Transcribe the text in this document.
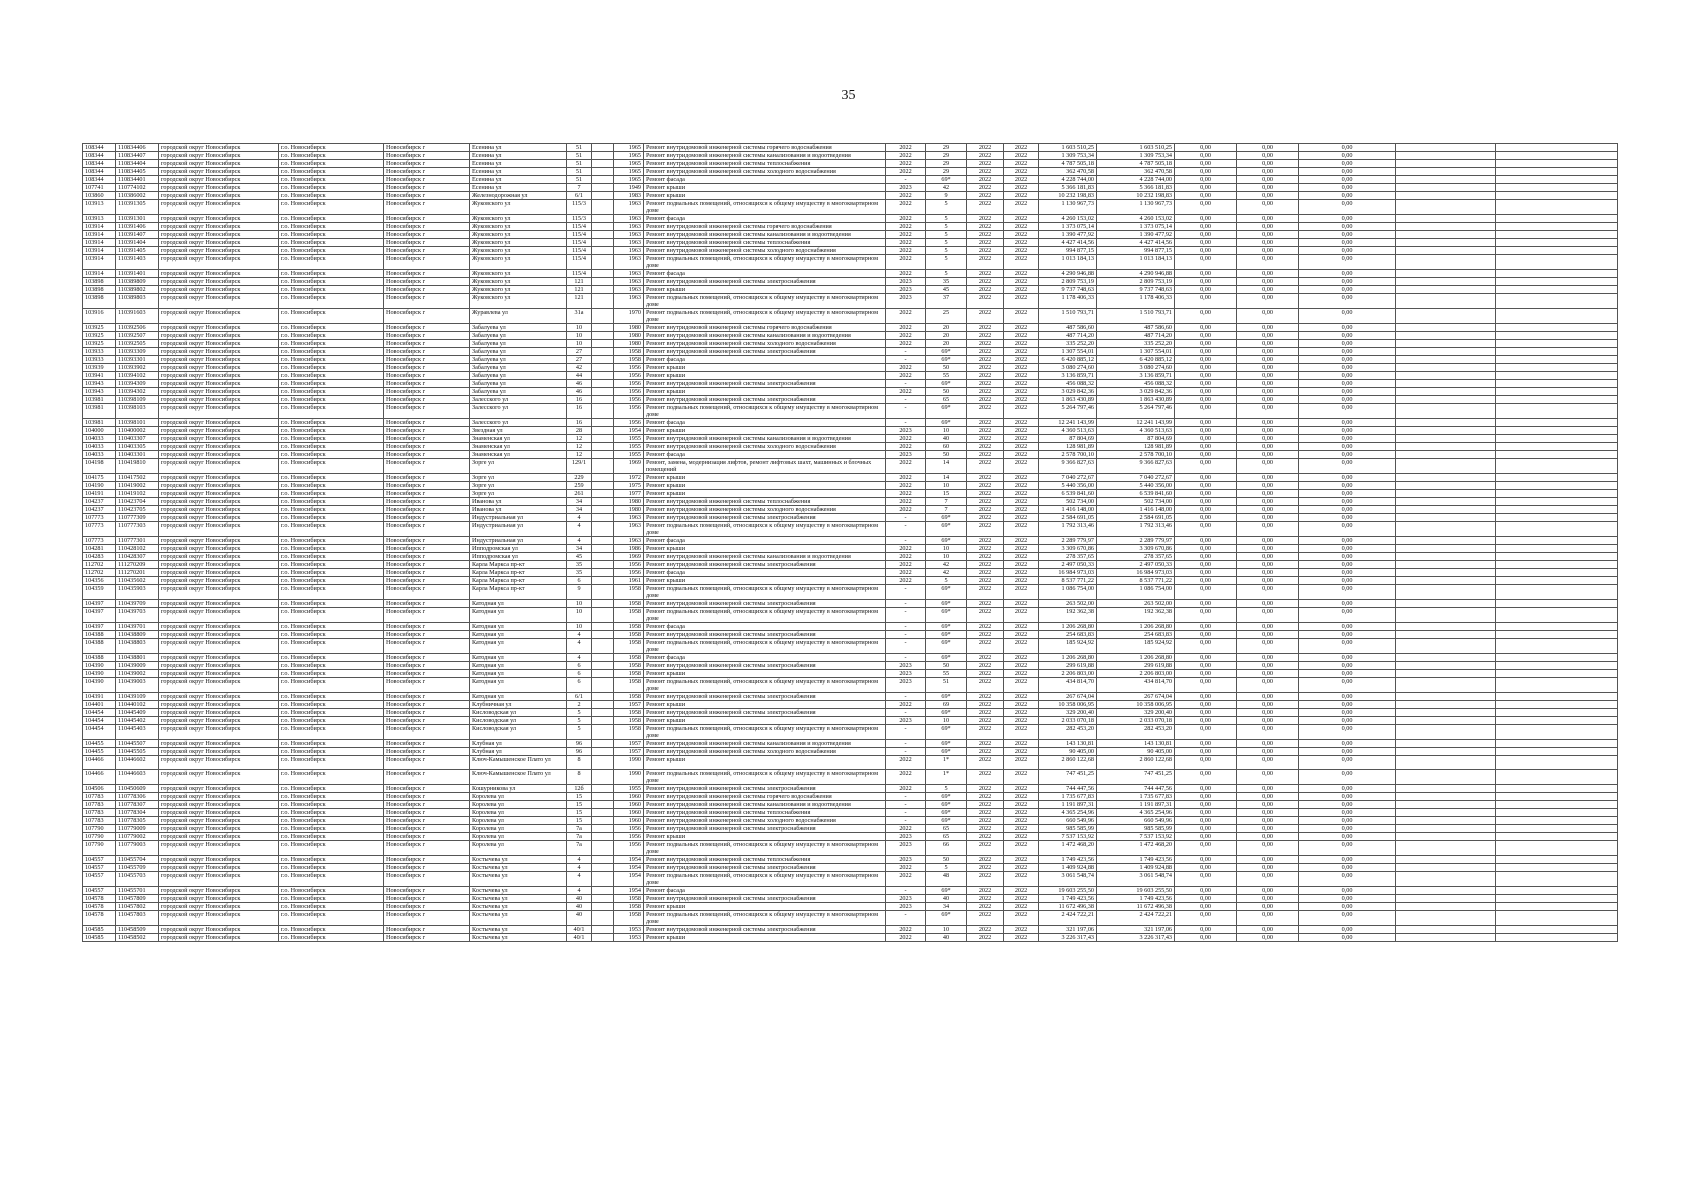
35
108344	110834406	городской округ Новосибирск	г.о. Новосибирск	Новосибирск г	Есенина ул	51		1965	Ремонт внутридомовой инженерной системы горячего водоснабжения	2022	29	2022	2022	1 603 510,25	1 603 510,25	0,00	0,00	0,00		
108344	110834407	городской округ Новосибирск	г.о. Новосибирск	Новосибирск г	Есенина ул	51		1965	Ремонт внутридомовой инженерной системы канализования и водоотведения	2022	29	2022	2022	1 309 753,34	1 309 753,34	0,00	0,00	0,00		
108344	110834404	городской округ Новосибирск	г.о. Новосибирск	Новосибирск г	Есенина ул	51		1965	Ремонт внутридомовой инженерной системы теплоснабжения	2022	29	2022	2022	4 787 505,18	4 787 505,18	0,00	0,00	0,00		
108344	110834405	городской округ Новосибирск	г.о. Новосибирск	Новосибирск г	Есенина ул	51		1965	Ремонт внутридомовой инженерной системы холодного водоснабжения	2022	29	2022	2022	362 470,58	362 470,58	0,00	0,00	0,00		
108344	110834401	городской округ Новосибирск	г.о. Новосибирск	Новосибирск г	Есенина ул	51		1965	Ремонт фасада	-	69*	2022	2022	4 228 744,00	4 228 744,00	0,00	0,00	0,00		
107741	110774102	городской округ Новосибирск	г.о. Новосибирск	Новосибирск г	Есенина ул	7		1949	Ремонт крыши	2023	42	2022	2022	5 366 181,83	5 366 181,83	0,00	0,00	0,00		
103860	110386002	городской округ Новосибирск	г.о. Новосибирск	Новосибирск г	Железнодорожная ул	6/1		1983	Ремонт крыши	2022	9	2022	2022	10 232 198,83	10 232 198,83	0,00	0,00	0,00		
103913	110391305	городской округ Новосибирск	г.о. Новосибирск	Новосибирск г	Жуковского ул	115/3		1963	Ремонт подвальных помещений, относящихся к общему имуществу в многоквартирном доме	2022	5	2022	2022	1 130 967,73	1 130 967,73	0,00	0,00	0,00		
103913	110391301	городской округ Новосибирск	г.о. Новосибирск	Новосибирск г	Жуковского ул	115/3		1963	Ремонт фасада	2022	5	2022	2022	4 260 153,02	4 260 153,02	0,00	0,00	0,00		
103914	110391406	городской округ Новосибирск	г.о. Новосибирск	Новосибирск г	Жуковского ул	115/4		1963	Ремонт внутридомовой инженерной системы горячего водоснабжения	2022	5	2022	2022	1 373 075,14	1 373 075,14	0,00	0,00	0,00		
103914	110391407	городской округ Новосибирск	г.о. Новосибирск	Новосибирск г	Жуковского ул	115/4		1963	Ремонт внутридомовой инженерной системы канализования и водоотведения	2022	5	2022	2022	1 390 477,92	1 390 477,92	0,00	0,00	0,00		
103914	110391404	городской округ Новосибирск	г.о. Новосибирск	Новосибирск г	Жуковского ул	115/4		1963	Ремонт внутридомовой инженерной системы теплоснабжения	2022	5	2022	2022	4 427 414,56	4 427 414,56	0,00	0,00	0,00		
103914	110391405	городской округ Новосибирск	г.о. Новосибирск	Новосибирск г	Жуковского ул	115/4		1963	Ремонт внутридомовой инженерной системы холодного водоснабжения	2022	5	2022	2022	994 877,15	994 877,15	0,00	0,00	0,00		
103914	110391403	городской округ Новосибирск	г.о. Новосибирск	Новосибирск г	Жуковского ул	115/4		1963	Ремонт подвальных помещений, относящихся к общему имуществу в многоквартирном доме	2022	5	2022	2022	1 013 184,13	1 013 184,13	0,00	0,00	0,00		
103914	110391401	городской округ Новосибирск	г.о. Новосибирск	Новосибирск г	Жуковского ул	115/4		1963	Ремонт фасада	2022	5	2022	2022	4 290 946,88	4 290 946,88	0,00	0,00	0,00		
103898	110389809	городской округ Новосибирск	г.о. Новосибирск	Новосибирск г	Жуковского ул	121		1963	Ремонт внутридомовой инженерной системы электроснабжения	2023	35	2022	2022	2 809 753,19	2 809 753,19	0,00	0,00	0,00		
103898	110389802	городской округ Новосибирск	г.о. Новосибирск	Новосибирск г	Жуковского ул	121		1963	Ремонт крыши	2023	45	2022	2022	9 737 748,63	9 737 748,63	0,00	0,00	0,00		
103898	110389803	городской округ Новосибирск	г.о. Новосибирск	Новосибирск г	Жуковского ул	121		1963	Ремонт подвальных помещений, относящихся к общему имуществу в многоквартирном доме	2023	37	2022	2022	1 178 406,33	1 178 406,33	0,00	0,00	0,00		
103916	110391603	городской округ Новосибирск	г.о. Новосибирск	Новосибирск г	Журавлева ул	31а		1970	Ремонт подвальных помещений, относящихся к общему имуществу в многоквартирном доме	2022	25	2022	2022	1 510 793,71	1 510 793,71	0,00	0,00	0,00		
103925	110392506	городской округ Новосибирск	г.о. Новосибирск	Новосибирск г	Забалуева ул	10		1980	Ремонт внутридомовой инженерной системы горячего водоснабжения	2022	20	2022	2022	487 586,60	487 586,60	0,00	0,00	0,00		
103925	110392507	городской округ Новосибирск	г.о. Новосибирск	Новосибирск г	Забалуева ул	10		1980	Ремонт внутридомовой инженерной системы канализования и водоотведения	2022	20	2022	2022	487 714,20	487 714,20	0,00	0,00	0,00		
103925	110392505	городской округ Новосибирск	г.о. Новосибирск	Новосибирск г	Забалуева ул	10		1980	Ремонт внутридомовой инженерной системы холодного водоснабжения	2022	20	2022	2022	335 252,20	335 252,20	0,00	0,00	0,00		
103933	110393309	городской округ Новосибирск	г.о. Новосибирск	Новосибирск г	Забалуева ул	27		1958	Ремонт внутридомовой инженерной системы электроснабжения	-	69*	2022	2022	1 307 554,01	1 307 554,01	0,00	0,00	0,00		
103933	110393301	городской округ Новосибирск	г.о. Новосибирск	Новосибирск г	Забалуева ул	27		1958	Ремонт фасада	-	69*	2022	2022	6 420 885,12	6 420 885,12	0,00	0,00	0,00		
103939	110393902	городской округ Новосибирск	г.о. Новосибирск	Новосибирск г	Забалуева ул	42		1956	Ремонт крыши	2022	50	2022	2022	3 080 274,60	3 080 274,60	0,00	0,00	0,00		
103941	110394102	городской округ Новосибирск	г.о. Новосибирск	Новосибирск г	Забалуева ул	44		1956	Ремонт крыши	2022	55	2022	2022	3 136 859,71	3 136 859,71	0,00	0,00	0,00		
103943	110394309	городской округ Новосибирск	г.о. Новосибирск	Новосибирск г	Забалуева ул	46		1956	Ремонт внутридомовой инженерной системы электроснабжения	-	69*	2022	2022	456 088,32	456 088,32	0,00	0,00	0,00		
103943	110394302	городской округ Новосибирск	г.о. Новосибирск	Новосибирск г	Забалуева ул	46		1956	Ремонт крыши	2022	50	2022	2022	3 029 842,36	3 029 842,36	0,00	0,00	0,00		
103981	110398109	городской округ Новосибирск	г.о. Новосибирск	Новосибирск г	Залесского ул	16		1956	Ремонт внутридомовой инженерной системы электроснабжения	-	65	2022	2022	1 863 430,89	1 863 430,89	0,00	0,00	0,00		
103981	110398103	городской округ Новосибирск	г.о. Новосибирск	Новосибирск г	Залесского ул	16		1956	Ремонт подвальных помещений, относящихся к общему имуществу в многоквартирном доме	-	69*	2022	2022	5 264 797,46	5 264 797,46	0,00	0,00	0,00		
103981	110398101	городской округ Новосибирск	г.о. Новосибирск	Новосибирск г	Залесского ул	16		1956	Ремонт фасада	-	69*	2022	2022	12 241 143,99	12 241 143,99	0,00	0,00	0,00		
104000	110400002	городской округ Новосибирск	г.о. Новосибирск	Новосибирск г	Звездная ул	28		1954	Ремонт крыши	2023	10	2022	2022	4 360 513,63	4 360 513,63	0,00	0,00	0,00		
104033	110403307	городской округ Новосибирск	г.о. Новосибирск	Новосибирск г	Знаменская ул	12		1955	Ремонт внутридомовой инженерной системы канализования и водоотведения	2022	40	2022	2022	87 804,69	87 804,69	0,00	0,00	0,00		
104033	110403305	городской округ Новосибирск	г.о. Новосибирск	Новосибирск г	Знаменская ул	12		1955	Ремонт внутридомовой инженерной системы холодного водоснабжения	2022	60	2022	2022	128 981,89	128 981,89	0,00	0,00	0,00		
104033	110403301	городской округ Новосибирск	г.о. Новосибирск	Новосибирск г	Знаменская ул	12		1955	Ремонт фасада	2023	50	2022	2022	2 578 700,10	2 578 700,10	0,00	0,00	0,00		
104198	110419810	городской округ Новосибирск	г.о. Новосибирск	Новосибирск г	Зорге ул	129/1		1969	Ремонт, замена, модернизация лифтов, ремонт лифтовых шахт, машинных и блочных помещений	2022	14	2022	2022	9 366 827,63	9 366 827,63	0,00	0,00	0,00		
104175	110417502	городской округ Новосибирск	г.о. Новосибирск	Новосибирск г	Зорге ул	229		1972	Ремонт крыши	2022	14	2022	2022	7 040 272,67	7 040 272,67	0,00	0,00	0,00		
104190	110419002	городской округ Новосибирск	г.о. Новосибирск	Новосибирск г	Зорге ул	259		1975	Ремонт крыши	2022	10	2022	2022	5 440 356,00	5 440 356,00	0,00	0,00	0,00		
104191	110419102	городской округ Новосибирск	г.о. Новосибирск	Новосибирск г	Зорге ул	261		1977	Ремонт крыши	2022	15	2022	2022	6 539 841,60	6 539 841,60	0,00	0,00	0,00		
104237	110423704	городской округ Новосибирск	г.о. Новосибирск	Новосибирск г	Иванова ул	34		1980	Ремонт внутридомовой инженерной системы теплоснабжения	2022	7	2022	2022	502 734,00	502 734,00	0,00	0,00	0,00		
104237	110423705	городской округ Новосибирск	г.о. Новосибирск	Новосибирск г	Иванова ул	34		1980	Ремонт внутридомовой инженерной системы холодного водоснабжения	2022	7	2022	2022	1 416 148,00	1 416 148,00	0,00	0,00	0,00		
107773	110777309	городской округ Новосибирск	г.о. Новосибирск	Новосибирск г	Индустриальная ул	4		1963	Ремонт внутридомовой инженерной системы электроснабжения	-	69*	2022	2022	2 584 691,05	2 584 691,05	0,00	0,00	0,00		
107773	110777303	городской округ Новосибирск	г.о. Новосибирск	Новосибирск г	Индустриальная ул	4		1963	Ремонт подвальных помещений, относящихся к общему имуществу в многоквартирном доме	-	69*	2022	2022	1 792 313,46	1 792 313,46	0,00	0,00	0,00		
107773	110777301	городской округ Новосибирск	г.о. Новосибирск	Новосибирск г	Индустриальная ул	4		1963	Ремонт фасада	-	69*	2022	2022	2 289 779,97	2 289 779,97	0,00	0,00	0,00		
104281	110428102	городской округ Новосибирск	г.о. Новосибирск	Новосибирск г	Ипподромская ул	34		1986	Ремонт крыши	2022	10	2022	2022	3 309 670,86	3 309 670,86	0,00	0,00	0,00		
104283	110428307	городской округ Новосибирск	г.о. Новосибирск	Новосибирск г	Ипподромская ул	45		1969	Ремонт внутридомовой инженерной системы канализования и водоотведения	2022	10	2022	2022	278 357,65	278 357,65	0,00	0,00	0,00		
112702	111270209	городской округ Новосибирск	г.о. Новосибирск	Новосибирск г	Карла Маркса пр-кт	35		1956	Ремонт внутридомовой инженерной системы электроснабжения	2022	42	2022	2022	2 497 050,33	2 497 050,33	0,00	0,00	0,00		
112702	111270201	городской округ Новосибирск	г.о. Новосибирск	Новосибирск г	Карла Маркса пр-кт	35		1956	Ремонт фасада	2022	42	2022	2022	16 984 973,03	16 984 973,03	0,00	0,00	0,00		
104356	110435602	городской округ Новосибирск	г.о. Новосибирск	Новосибирск г	Карла Маркса пр-кт	6		1961	Ремонт крыши	2022	5	2022	2022	8 537 771,22	8 537 771,22	0,00	0,00	0,00		
104359	110435903	городской округ Новосибирск	г.о. Новосибирск	Новосибирск г	Карла Маркса пр-кт	9		1958	Ремонт подвальных помещений, относящихся к общему имуществу в многоквартирном доме	-	69*	2022	2022	1 086 754,00	1 086 754,00	0,00	0,00	0,00		
104397	110439709	городской округ Новосибирск	г.о. Новосибирск	Новосибирск г	Катодная ул	10		1958	Ремонт внутридомовой инженерной системы электроснабжения	-	69*	2022	2022	263 502,00	263 502,00	0,00	0,00	0,00		
104397	110439703	городской округ Новосибирск	г.о. Новосибирск	Новосибирск г	Катодная ул	10		1958	Ремонт подвальных помещений, относящихся к общему имуществу в многоквартирном доме	-	69*	2022	2022	192 362,38	192 362,38	0,00	0,00	0,00		
104397	110439701	городской округ Новосибирск	г.о. Новосибирск	Новосибирск г	Катодная ул	10		1958	Ремонт фасада	-	69*	2022	2022	1 206 268,80	1 206 268,80	0,00	0,00	0,00		
104388	110438809	городской округ Новосибирск	г.о. Новосибирск	Новосибирск г	Катодная ул	4		1958	Ремонт внутридомовой инженерной системы электроснабжения	-	69*	2022	2022	254 683,83	254 683,83	0,00	0,00	0,00		
104388	110438803	городской округ Новосибирск	г.о. Новосибирск	Новосибирск г	Катодная ул	4		1958	Ремонт подвальных помещений, относящихся к общему имуществу в многоквартирном доме	-	69*	2022	2022	185 924,92	185 924,92	0,00	0,00	0,00		
104388	110438801	городской округ Новосибирск	г.о. Новосибирск	Новосибирск г	Катодная ул	4		1958	Ремонт фасада	-	69*	2022	2022	1 206 268,80	1 206 268,80	0,00	0,00	0,00		
104390	110439009	городской округ Новосибирск	г.о. Новосибирск	Новосибирск г	Катодная ул	6		1958	Ремонт внутридомовой инженерной системы электроснабжения	2023	50	2022	2022	299 619,88	299 619,88	0,00	0,00	0,00		
104390	110439002	городской округ Новосибирск	г.о. Новосибирск	Новосибирск г	Катодная ул	6		1958	Ремонт крыши	2023	55	2022	2022	2 206 803,00	2 206 803,00	0,00	0,00	0,00		
104390	110439003	городской округ Новосибирск	г.о. Новосибирск	Новосибирск г	Катодная ул	6		1958	Ремонт подвальных помещений, относящихся к общему имуществу в многоквартирном доме	2023	51	2022	2022	434 814,70	434 814,70	0,00	0,00	0,00		
104391	110439109	городской округ Новосибирск	г.о. Новосибирск	Новосибирск г	Катодная ул	6/1		1958	Ремонт внутридомовой инженерной системы электроснабжения	-	69*	2022	2022	267 674,04	267 674,04	0,00	0,00	0,00		
104401	110440102	городской округ Новосибирск	г.о. Новосибирск	Новосибирск г	Клубничная ул	2		1957	Ремонт крыши	2022	69	2022	2022	10 358 006,95	10 358 006,95	0,00	0,00	0,00		
104454	110445409	городской округ Новосибирск	г.о. Новосибирск	Новосибирск г	Кисловодская ул	5		1958	Ремонт внутридомовой инженерной системы электроснабжения	-	69*	2022	2022	329 200,40	329 200,40	0,00	0,00	0,00		
104454	110445402	городской округ Новосибирск	г.о. Новосибирск	Новосибирск г	Кисловодская ул	5		1958	Ремонт крыши	2023	10	2022	2022	2 033 070,18	2 033 070,18	0,00	0,00	0,00		
104454	110445403	городской округ Новосибирск	г.о. Новосибирск	Новосибирск г	Кисловодская ул	5		1958	Ремонт подвальных помещений, относящихся к общему имуществу в многоквартирном доме	-	69*	2022	2022	282 453,20	282 453,20	0,00	0,00	0,00		
104455	110445507	городской округ Новосибирск	г.о. Новосибирск	Новосибирск г	Клубная ул	96		1957	Ремонт внутридомовой инженерной системы канализования и водоотведения	-	69*	2022	2022	143 130,81	143 130,81	0,00	0,00	0,00		
104455	110445505	городской округ Новосибирск	г.о. Новосибирск	Новосибирск г	Клубная ул	96		1957	Ремонт внутридомовой инженерной системы холодного водоснабжения	-	69*	2022	2022	90 405,00	90 405,00	0,00	0,00	0,00		
104466	110446602	городской округ Новосибирск	г.о. Новосибирск	Новосибирск г	Ключ-Камышенское Плато ул	8		1990	Ремонт крыши	2022	1*	2022	2022	2 860 122,68	2 860 122,68	0,00	0,00	0,00		
104466	110446603	городской округ Новосибирск	г.о. Новосибирск	Новосибирск г	Ключ-Камышенское Плато ул	8		1990	Ремонт подвальных помещений, относящихся к общему имуществу в многоквартирном доме	2022	1*	2022	2022	747 451,25	747 451,25	0,00	0,00	0,00		
104506	110450609	городской округ Новосибирск	г.о. Новосибирск	Новосибирск г	Кошурникова ул	12б		1955	Ремонт внутридомовой инженерной системы электроснабжения	2022	5	2022	2022	744 447,56	744 447,56	0,00	0,00	0,00		
107783	110778306	городской округ Новосибирск	г.о. Новосибирск	Новосибирск г	Королева ул	15		1960	Ремонт внутридомовой инженерной системы горячего водоснабжения	-	69*	2022	2022	1 735 677,83	1 735 677,83	0,00	0,00	0,00		
107783	110778307	городской округ Новосибирск	г.о. Новосибирск	Новосибирск г	Королева ул	15		1960	Ремонт внутридомовой инженерной системы канализования и водоотведения	-	69*	2022	2022	1 191 897,31	1 191 897,31	0,00	0,00	0,00		
107783	110778304	городской округ Новосибирск	г.о. Новосибирск	Новосибирск г	Королева ул	15		1960	Ремонт внутридомовой инженерной системы теплоснабжения	-	69*	2022	2022	4 365 254,96	4 365 254,96	0,00	0,00	0,00		
107783	110778305	городской округ Новосибирск	г.о. Новосибирск	Новосибирск г	Королева ул	15		1960	Ремонт внутридомовой инженерной системы холодного водоснабжения	-	69*	2022	2022	660 549,96	660 549,96	0,00	0,00	0,00		
107790	110779009	городской округ Новосибирск	г.о. Новосибирск	Новосибирск г	Королева ул	7а		1956	Ремонт внутридомовой инженерной системы электроснабжения	2022	65	2022	2022	985 585,99	985 585,99	0,00	0,00	0,00		
107790	110779002	городской округ Новосибирск	г.о. Новосибирск	Новосибирск г	Королева ул	7а		1956	Ремонт крыши	2023	65	2022	2022	7 537 153,92	7 537 153,92	0,00	0,00	0,00		
107790	110779003	городской округ Новосибирск	г.о. Новосибирск	Новосибирск г	Королева ул	7а		1956	Ремонт подвальных помещений, относящихся к общему имуществу в многоквартирном доме	2023	66	2022	2022	1 472 468,20	1 472 468,20	0,00	0,00	0,00		
104557	110455704	городской округ Новосибирск	г.о. Новосибирск	Новосибирск г	Костычева ул	4		1954	Ремонт внутридомовой инженерной системы теплоснабжения	2023	50	2022	2022	1 749 423,56	1 749 423,56	0,00	0,00	0,00		
104557	110455709	городской округ Новосибирск	г.о. Новосибирск	Новосибирск г	Костычева ул	4		1954	Ремонт внутридомовой инженерной системы электроснабжения	2022	5	2022	2022	1 409 924,88	1 409 924,88	0,00	0,00	0,00		
104557	110455703	городской округ Новосибирск	г.о. Новосибирск	Новосибирск г	Костычева ул	4		1954	Ремонт подвальных помещений, относящихся к общему имуществу в многоквартирном доме	2022	48	2022	2022	3 061 548,74	3 061 548,74	0,00	0,00	0,00		
104557	110455701	городской округ Новосибирск	г.о. Новосибирск	Новосибирск г	Костычева ул	4		1954	Ремонт фасада	-	69*	2022	2022	19 603 255,50	19 603 255,50	0,00	0,00	0,00		
104578	110457809	городской округ Новосибирск	г.о. Новосибирск	Новосибирск г	Костычева ул	40		1958	Ремонт внутридомовой инженерной системы электроснабжения	2023	40	2022	2022	1 749 423,56	1 749 423,56	0,00	0,00	0,00		
104578	110457802	городской округ Новосибирск	г.о. Новосибирск	Новосибирск г	Костычева ул	40		1958	Ремонт крыши	2023	34	2022	2022	11 672 496,38	11 672 496,38	0,00	0,00	0,00		
104578	110457803	городской округ Новосибирск	г.о. Новосибирск	Новосибирск г	Костычева ул	40		1958	Ремонт подвальных помещений, относящихся к общему имуществу в многоквартирном доме	-	69*	2022	2022	2 424 722,21	2 424 722,21	0,00	0,00	0,00		
104585	110458509	городской округ Новосибирск	г.о. Новосибирск	Новосибирск г	Костычева ул	40/1		1953	Ремонт внутридомовой инженерной системы электроснабжения	2022	10	2022	2022	321 197,06	321 197,06	0,00	0,00	0,00		
104585	110458502	городской округ Новосибирск	г.о. Новосибирск	Новосибирск г	Костычева ул	40/1		1953	Ремонт крыши	2022	40	2022	2022	3 226 317,43	3 226 317,43	0,00	0,00	0,00		
